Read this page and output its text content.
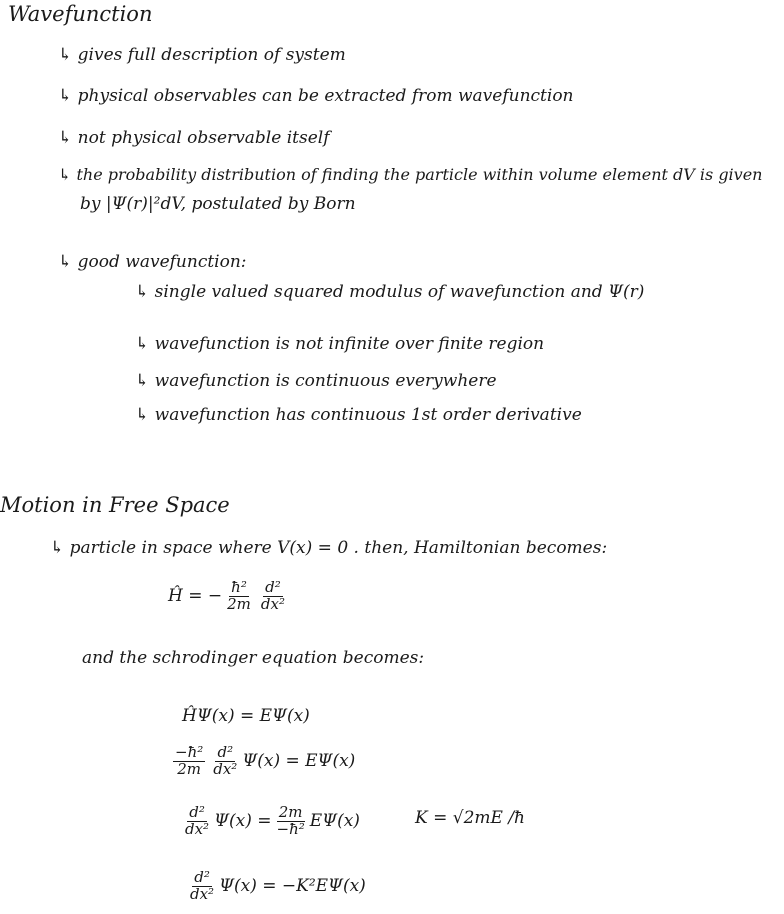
Wavefunction
↳ gives full description of system
↳ physical observables can be extracted from wavefunction
↳ not physical observable itself
↳ the probability distribution of finding the particle within volume element dV is given
by |Ψ(r)|²dV, postulated by Born
↳ good wavefunction:
↳ single valued squared modulus of wavefunction and Ψ(r)
↳ wavefunction is not infinite over finite region
↳ wavefunction is continuous everywhere
↳ wavefunction has continuous 1st order derivative
Motion in Free Space
↳ particle in space where V(x) = 0 . then, Hamiltonian becomes:
Ĥ = − $\frac{\text{ħ²}}{2m} \frac{\text{d²}}{\text{dx²}}$
and the schrodinger equation becomes:
ĤΨ(x) = EΨ(x)
$\frac{\text{−ħ²}}{2m} \frac{\text{d²}}{\text{dx²}} \Psi(x) = E\Psi(x)$
$\frac{\text{d²}}{\text{dx²}} \Psi(x) = \frac{2m}{\text{−ħ²}} E\Psi(x)$	K = √2mE /ħ
$\frac{\text{d²}}{\text{dx²}} \Psi(x) = -K^2E\Psi(x)$
